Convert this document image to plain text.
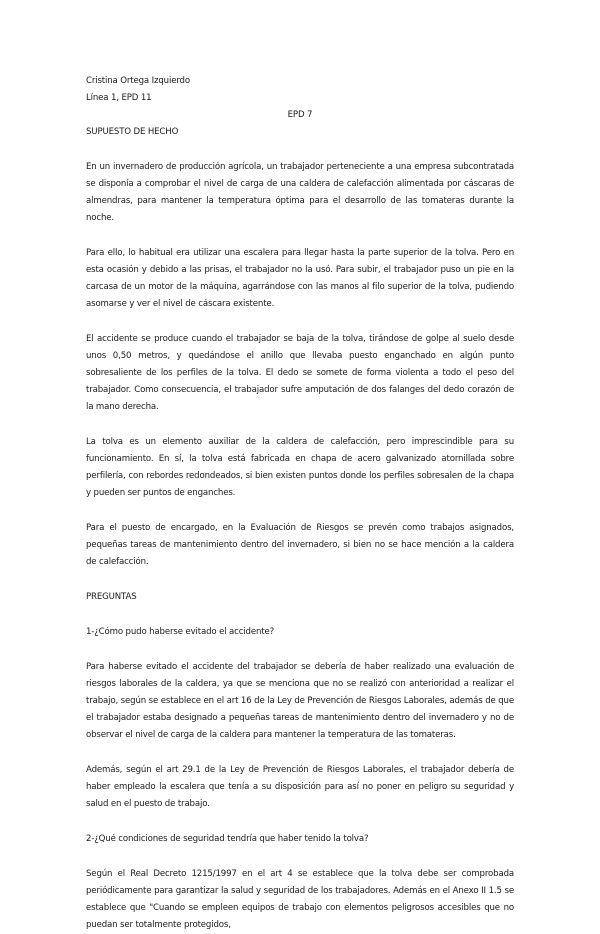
Cristina Ortega Izquierdo
Línea 1, EPD 11
EPD 7
SUPUESTO DE HECHO

En un invernadero de producción agrícola, un trabajador perteneciente a una empresa subcontratada se disponía a comprobar el nivel de carga de una caldera de calefacción alimentada por cáscaras de almendras, para mantener la temperatura óptima para el desarrollo de las tomateras durante la noche.

Para ello, lo habitual era utilizar una escalera para llegar hasta la parte superior de la tolva. Pero en esta ocasión y debido a las prisas, el trabajador no la usó. Para subir, el trabajador puso un pie en la carcasa de un motor de la máquina, agarrándose con las manos al filo superior de la tolva, pudiendo asomarse y ver el nivel de cáscara existente.

El accidente se produce cuando el trabajador se baja de la tolva, tirándose de golpe al suelo desde unos 0,50 metros, y quedándose el anillo que llevaba puesto enganchado en algún punto sobresaliente de los perfiles de la tolva. El dedo se somete de forma violenta a todo el peso del trabajador. Como consecuencia, el trabajador sufre amputación de dos falanges del dedo corazón de la mano derecha.

La tolva es un elemento auxiliar de la caldera de calefacción, pero imprescindible para su funcionamiento. En sí, la tolva está fabricada en chapa de acero galvanizado atornillada sobre perfilería, con rebordes redondeados, si bien existen puntos donde los perfiles sobresalen de la chapa y pueden ser puntos de enganches.

Para el puesto de encargado, en la Evaluación de Riesgos se prevén como trabajos asignados, pequeñas tareas de mantenimiento dentro del invernadero, si bien no se hace mención a la caldera de calefacción.

PREGUNTAS
1-¿Cómo pudo haberse evitado el accidente?

Para haberse evitado el accidente del trabajador se debería de haber realizado una evaluación de riesgos laborales de la caldera, ya que se menciona que no se realizó con anterioridad a realizar el trabajo, según se establece en el art 16 de la Ley de Prevención de Riesgos Laborales, además de que el trabajador estaba designado a pequeñas tareas de mantenimiento dentro del invernadero y no de observar el nivel de carga de la caldera para mantener la temperatura de las tomateras.

Además, según el art 29.1 de la Ley de Prevención de Riesgos Laborales, el trabajador debería de haber empleado la escalera que tenía a su disposición para así no poner en peligro su seguridad y salud en el puesto de trabajo.

2-¿Qué condiciones de seguridad tendría que haber tenido la tolva?

Según el Real Decreto 1215/1997 en el art 4 se establece que la tolva debe ser comprobada periódicamente para garantizar la salud y seguridad de los trabajadores. Además en el Anexo II 1.5 se establece que "Cuando se empleen equipos de trabajo con elementos peligrosos accesibles que no puedan ser totalmente protegidos,
